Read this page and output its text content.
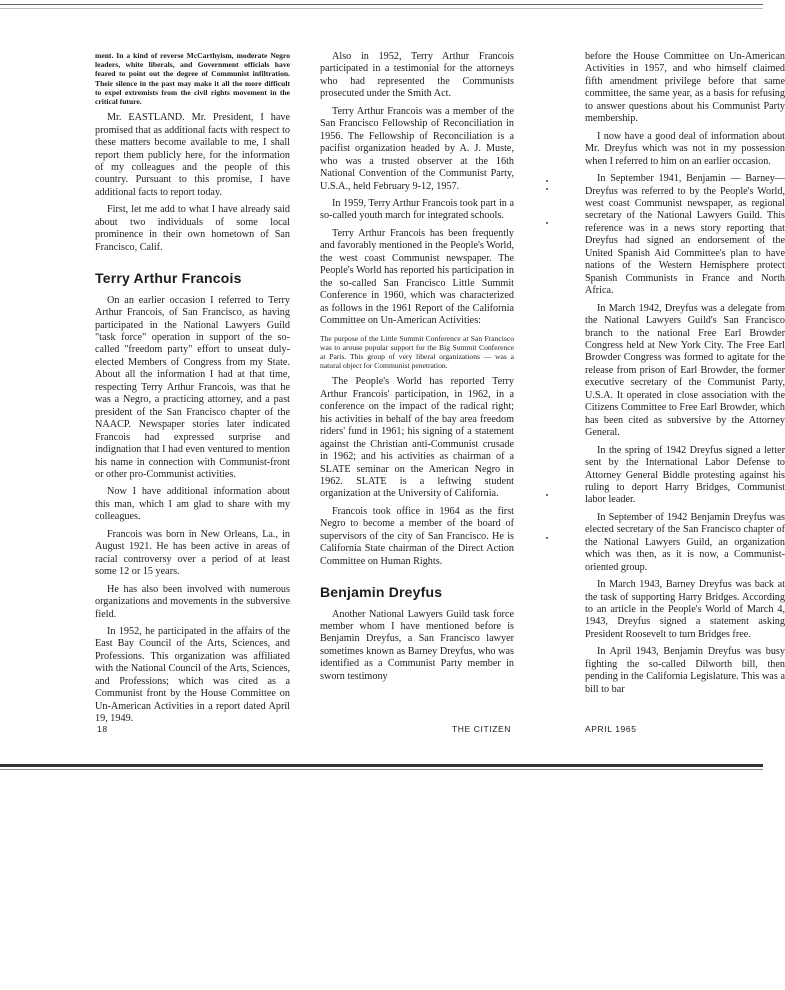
ment. In a kind of reverse McCarthyism, moderate Negro leaders, white liberals, and Government officials have feared to point out the degree of Communist infiltration. Their silence in the past may make it all the more difficult to expel extremists from the civil rights movement in the critical future.

Mr. EASTLAND. Mr. President, I have promised that as additional facts with respect to these matters become available to me, I shall report them publicly here, for the information of my colleagues and the people of this country. Pursuant to this promise, I have additional facts to report today.

First, let me add to what I have already said about two individuals of some local prominence in their own hometown of San Francisco, Calif.

Terry Arthur Francois

On an earlier occasion I referred to Terry Arthur Francois, of San Francisco, as having participated in the National Lawyers Guild "task force" operation in support of the so-called "freedom party" effort to unseat duly-elected Members of Congress from my State. About all the information I had at that time, respecting Terry Arthur Francois, was that he was a Negro, a practicing attorney, and a past president of the San Francisco chapter of the NAACP. Newspaper stories later indicated Francois had expressed surprise and indignation that I had even ventured to mention his name in connection with Communist-front or other pro-Communist activities.

Now I have additional information about this man, which I am glad to share with my colleagues.

Francois was born in New Orleans, La., in August 1921. He has been active in areas of racial controversy over a period of at least some 12 or 15 years.

He has also been involved with numerous organizations and movements in the subversive field.

In 1952, he participated in the affairs of the East Bay Council of the Arts, Sciences, and Professions. This organization was affiliated with the National Council of the Arts, Sciences, and Professions; which was cited as a Communist front by the House Committee on Un-American Activities in a report dated April 19, 1949.

Also in 1952, Terry Arthur Francois participated in a testimonial for the attorneys who had represented the Communists prosecuted under the Smith Act.

Terry Arthur Francois was a member of the San Francisco Fellowship of Reconciliation in 1956. The Fellowship of Reconciliation is a pacifist organization headed by A. J. Muste, who was a trusted observer at the 16th National Convention of the Communist Party, U.S.A., held February 9-12, 1957.

In 1959, Terry Arthur Francois took part in a so-called youth march for integrated schools.

Terry Arthur Francois has been frequently and favorably mentioned in the People's World, the west coast Communist newspaper. The People's World has reported his participation in the so-called San Francisco Little Summit Conference in 1960, which was characterized as follows in the 1961 Report of the California Committee on Un-American Activities:

The purpose of the Little Summit Conference at San Francisco was to arouse popular support for the Big Summit Conference at Paris. This group of very liberal organizations — was a natural object for Communist penetration.

The People's World has reported Terry Arthur Francois' participation, in 1962, in a conference on the impact of the radical right; his activities in behalf of the bay area freedom riders' fund in 1961; his signing of a statement against the Christian anti-Communist crusade in 1962; and his activities as chairman of a SLATE seminar on the American Negro in 1962. SLATE is a leftwing student organization at the University of California.

Francois took office in 1964 as the first Negro to become a member of the board of supervisors of the city of San Francisco. He is California State chairman of the Direct Action Committee on Human Rights.

Benjamin Dreyfus

Another National Lawyers Guild task force member whom I have mentioned before is Benjamin Dreyfus, a San Francisco lawyer sometimes known as Barney Dreyfus, who was identified as a Communist Party member in sworn testimony

before the House Committee on Un-American Activities in 1957, and who himself claimed fifth amendment privilege before that same committee, the same year, as a basis for refusing to answer questions about his Communist Party membership.

I now have a good deal of information about Mr. Dreyfus which was not in my possession when I referred to him on an earlier occasion.

In September 1941, Benjamin — Barney—Dreyfus was referred to by the People's World, west coast Communist newspaper, as regional secretary of the National Lawyers Guild. This reference was in a news story reporting that Dreyfus had signed an endorsement of the United Spanish Aid Committee's plan to have nations of the Western Hemisphere protect Spanish Communists in France and North Africa.

In March 1942, Dreyfus was a delegate from the National Lawyers Guild's San Francisco branch to the national Free Earl Browder Congress held at New York City. The Free Earl Browder Congress was formed to agitate for the release from prison of Earl Browder, the former executive secretary of the Communist Party, U.S.A. It operated in close association with the Citizens Committee to Free Earl Browder, which has been cited as subversive by the Attorney General.

In the spring of 1942 Dreyfus signed a letter sent by the International Labor Defense to Attorney General Biddle protesting against his ruling to deport Harry Bridges, Communist labor leader.

In September of 1942 Benjamin Dreyfus was elected secretary of the San Francisco chapter of the National Lawyers Guild, an organization which was then, as it is now, a Communist-oriented group.

In March 1943, Barney Dreyfus was back at the task of supporting Harry Bridges. According to an article in the People's World of March 4, 1943, Dreyfus signed a statement asking President Roosevelt to turn Bridges free.

In April 1943, Benjamin Dreyfus was busy fighting the so-called Dilworth bill, then pending in the California Legislature. This was a bill to bar

18	THE CITIZEN	APRIL 1965
